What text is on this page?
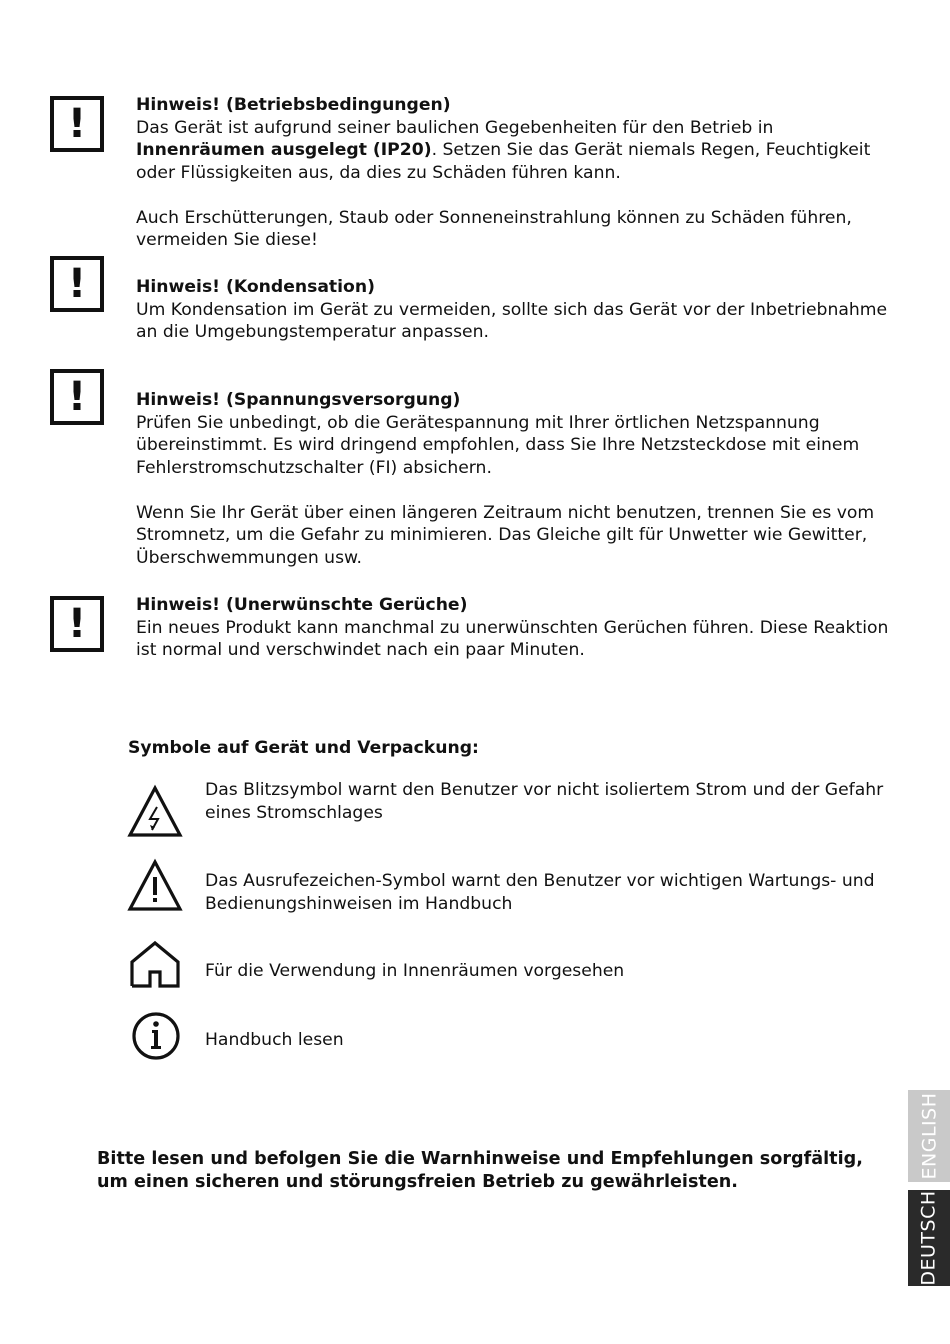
!	Hinweis! (Betriebsbedingungen)

Das Gerät ist aufgrund seiner baulichen Gegebenheiten für den Betrieb in Innenräumen ausgelegt (IP20). Setzen Sie das Gerät niemals Regen, Feuchtigkeit oder Flüssigkeiten aus, da dies zu Schäden führen kann.

Auch Erschütterungen, Staub oder Sonneneinstrahlung können zu Schäden führen, vermeiden Sie diese!

!	Hinweis! (Kondensation)

Um Kondensation im Gerät zu vermeiden, sollte sich das Gerät vor der Inbetriebnahme an die Umgebungstemperatur anpassen.

!	Hinweis! (Spannungsversorgung)

Prüfen Sie unbedingt, ob die Gerätespannung mit Ihrer örtlichen Netzspannung übereinstimmt. Es wird dringend empfohlen, dass Sie Ihre Netzsteckdose mit einem Fehlerstromschutzschalter (FI) absichern.

Wenn Sie Ihr Gerät über einen längeren Zeitraum nicht benutzen, trennen Sie es vom Stromnetz, um die Gefahr zu minimieren. Das Gleiche gilt für Unwetter wie Gewitter, Überschwemmungen usw.

!	Hinweis! (Unerwünschte Gerüche)

Ein neues Produkt kann manchmal zu unerwünschten Gerüchen führen. Diese Reaktion ist normal und verschwindet nach ein paar Minuten.

Symbole auf Gerät und Verpackung:
Das Blitzsymbol warnt den Benutzer vor nicht isoliertem Strom und der Gefahr eines Stromschlages
Das Ausrufezeichen-Symbol warnt den Benutzer vor wichtigen Wartungs- und Bedienungshinweisen im Handbuch
Für die Verwendung in Innenräumen vorgesehen
Handbuch lesen
Bitte lesen und befolgen Sie die Warnhinweise und Empfehlungen sorgfältig, um einen sicheren und störungsfreien Betrieb zu gewährleisten.
ENGLISH
DEUTSCH
